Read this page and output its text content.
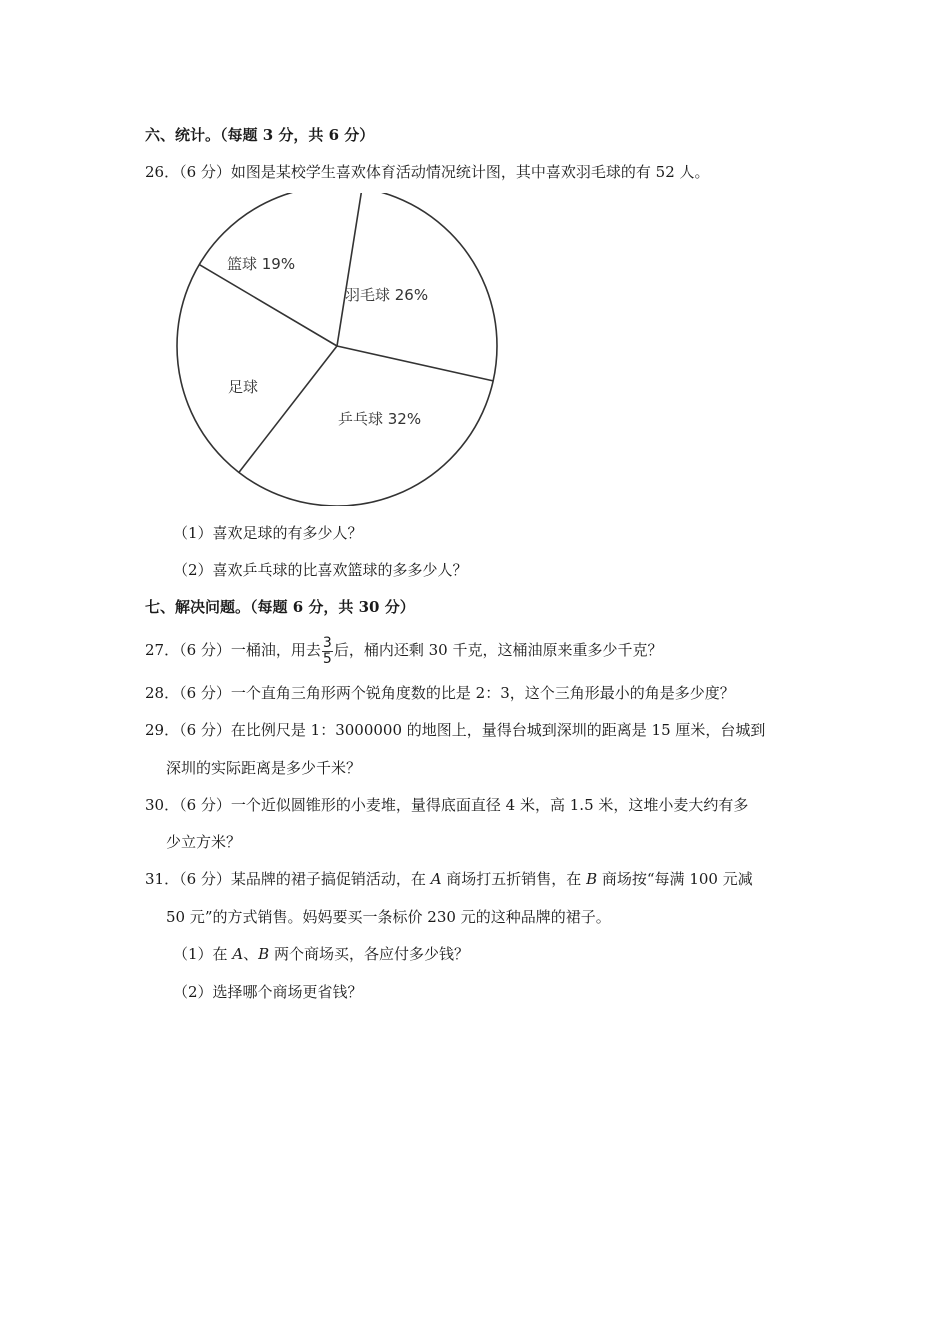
六、统计。（每题 3 分，共 6 分）
26．（6 分）如图是某校学生喜欢体育活动情况统计图，其中喜欢羽毛球的有 52 人。
羽毛球 26%
乒乓球 32%
足球
篮球 19%
（1）喜欢足球的有多少人？
（2）喜欢乒乓球的比喜欢篮球的多多少人？
七、解决问题。（每题 6 分，共 30 分）
27．（6 分）一桶油，用去 $\frac{3}{5}$ 后，桶内还剩 30 千克，这桶油原来重多少千克？
28．（6 分）一个直角三角形两个锐角度数的比是 2：3，这个三角形最小的角是多少度？
29．（6 分）在比例尺是 1：3000000 的地图上，量得台城到深圳的距离是 15 厘米，台城到
深圳的实际距离是多少千米？
30．（6 分）一个近似圆锥形的小麦堆，量得底面直径 4 米，高 1.5 米，这堆小麦大约有多
少立方米？
31．（6 分）某品牌的裙子搞促销活动，在 A 商场打五折销售，在 B 商场按“每满 100 元减
50 元”的方式销售。妈妈要买一条标价 230 元的这种品牌的裙子。
（1）在 A、B 两个商场买，各应付多少钱？
（2）选择哪个商场更省钱？
